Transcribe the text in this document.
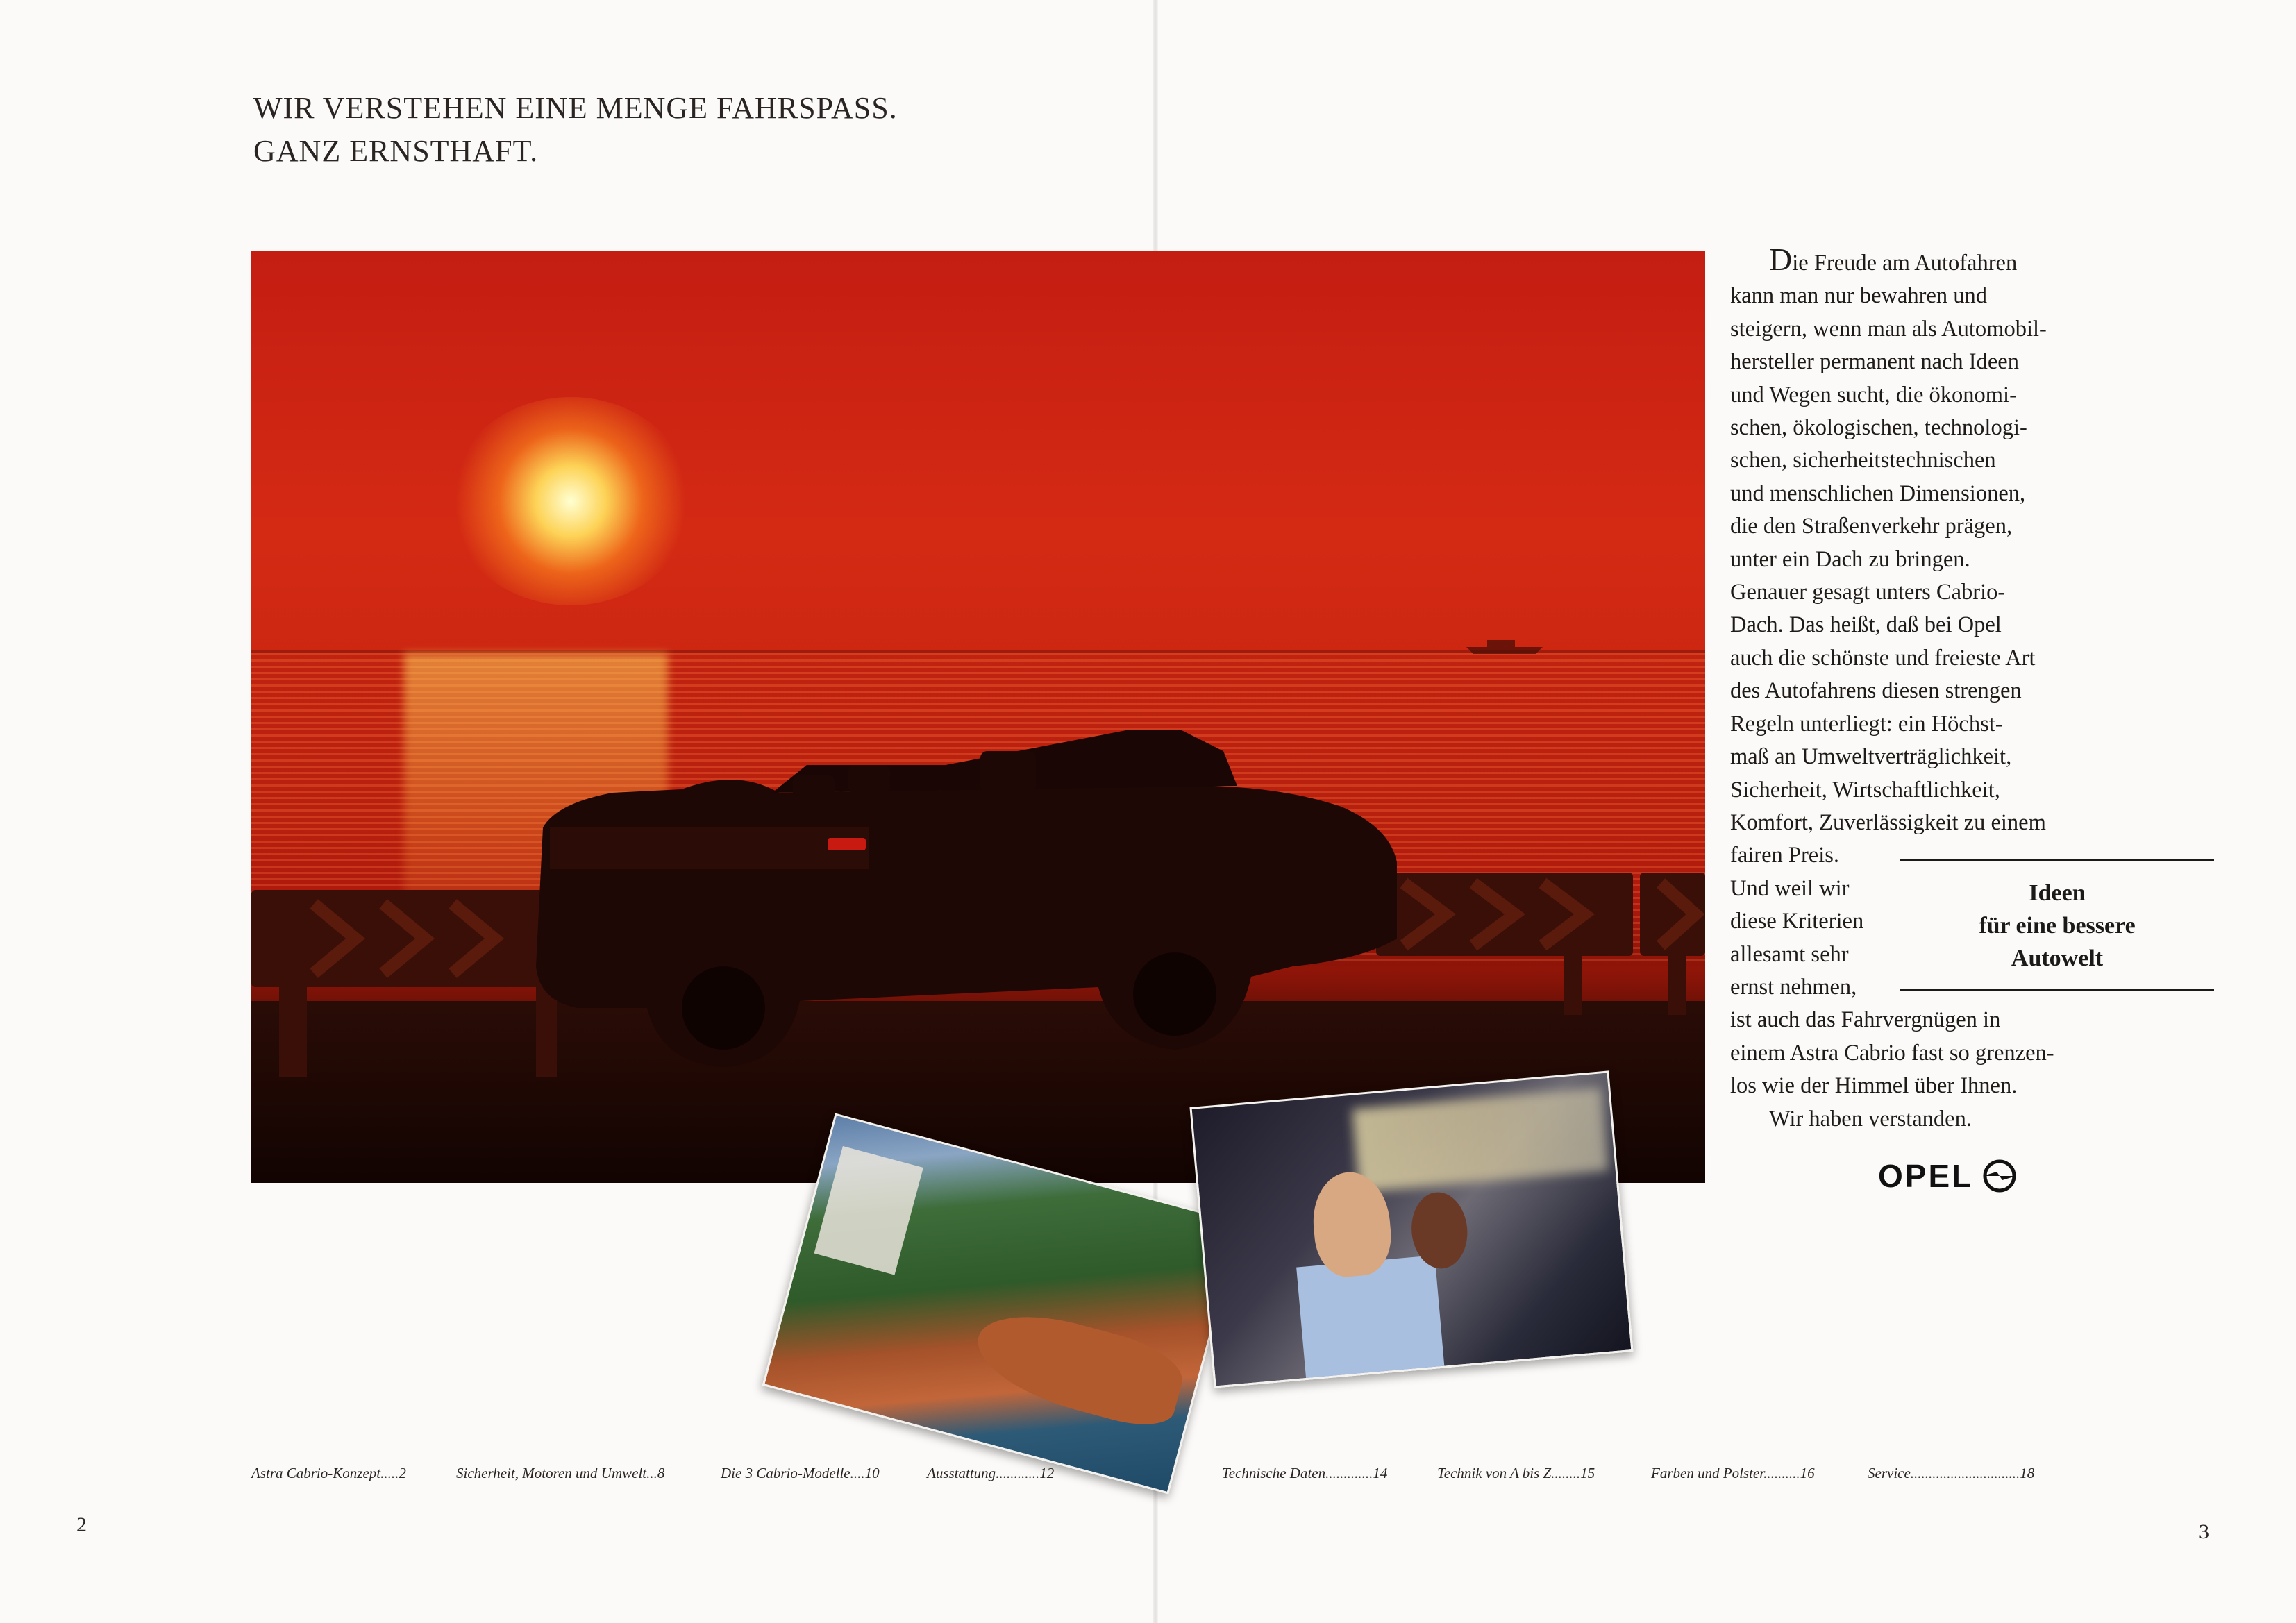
WIR VERSTEHEN EINE MENGE FAHRSPASS.
GANZ ERNSTHAFT.

Die Freude am Autofahren

kann man nur bewahren und

steigern, wenn man als Automobil-

hersteller permanent nach Ideen

und Wegen sucht, die ökonomi-

schen, ökologischen, technologi-

schen, sicherheitstechnischen

und menschlichen Dimensionen,

die den Straßenverkehr prägen,

unter ein Dach zu bringen.

Genauer gesagt unters Cabrio-

Dach. Das heißt, daß bei Opel

auch die schönste und freieste Art

des Autofahrens diesen strengen

Regeln unterliegt: ein Höchst-

maß an Umweltverträglichkeit,

Sicherheit, Wirtschaftlichkeit,

Komfort, Zuverlässigkeit zu einem

fairen Preis.

Und weil wir

diese Kriterien

allesamt sehr

ernst nehmen,

ist auch das Fahrvergnügen in

einem Astra Cabrio fast so grenzen-

los wie der Himmel über Ihnen.

Wir haben verstanden.

Ideen
für eine bessere
Autowelt
OPEL
Astra Cabrio-Konzept.....2	Sicherheit, Motoren und Umwelt...8	Die 3 Cabrio-Modelle....10	Ausstattung............12	Technische Daten.............14	Technik von A bis Z........15	Farben und Polster..........16	Service..............................18
2	3
